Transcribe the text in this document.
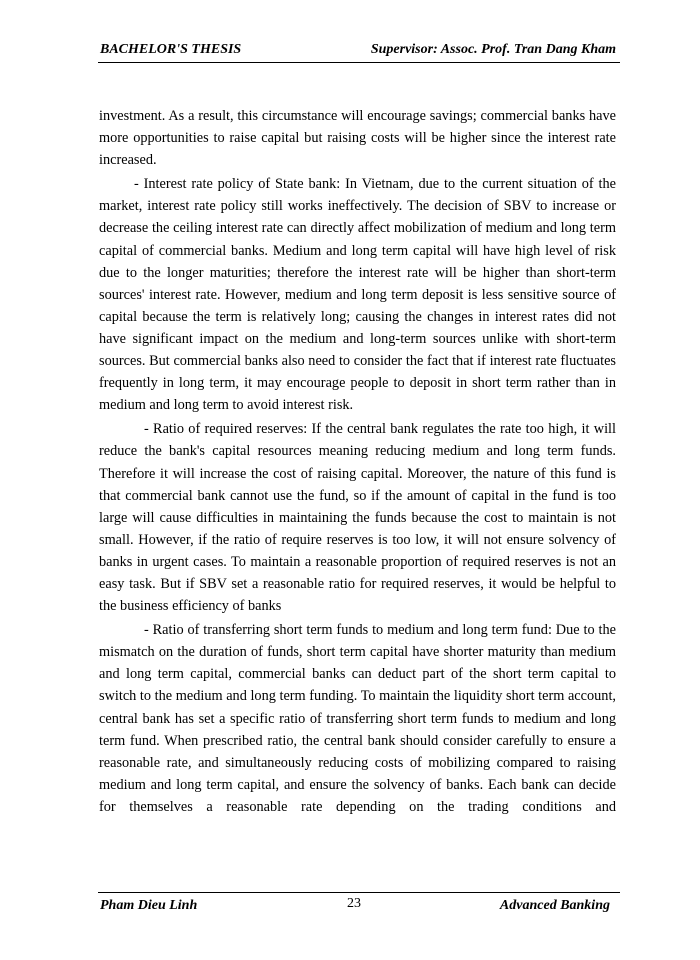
BACHELOR'S THESIS	Supervisor: Assoc. Prof. Tran Dang Kham

investment. As a result, this circumstance will encourage savings; commercial banks have more opportunities to raise capital but raising costs will be higher since the interest rate increased.

- Interest rate policy of State bank: In Vietnam, due to the current situation of the market, interest rate policy still works ineffectively. The decision of SBV to increase or decrease the ceiling interest rate can directly affect mobilization of medium and long term capital of commercial banks. Medium and long term capital will have high level of risk due to the longer maturities; therefore the interest rate will be higher than short-term sources' interest rate. However, medium and long term deposit is less sensitive source of capital because the term is relatively long; causing the changes in interest rates did not have significant impact on the medium and long-term sources unlike with short-term sources. But commercial banks also need to consider the fact that if interest rate fluctuates frequently in long term, it may encourage people to deposit in short term rather than in medium and long term to avoid interest risk.

- Ratio of required reserves: If the central bank regulates the rate too high, it will reduce the bank's capital resources meaning reducing medium and long term funds. Therefore it will increase the cost of raising capital. Moreover, the nature of this fund is that commercial bank cannot use the fund, so if the amount of capital in the fund is too large will cause difficulties in maintaining the funds because the cost to maintain is not small. However, if the ratio of require reserves is too low, it will not ensure solvency of banks in urgent cases. To maintain a reasonable proportion of required reserves is not an easy task. But if SBV set a reasonable ratio for required reserves, it would be helpful to the business efficiency of banks

- Ratio of transferring short term funds to medium and long term fund: Due to the mismatch on the duration of funds, short term capital have shorter maturity than medium and long term capital, commercial banks can deduct part of the short term capital to switch to the medium and long term funding. To maintain the liquidity short term account, central bank has set a specific ratio of transferring short term funds to medium and long term fund. When prescribed ratio, the central bank should consider carefully to ensure a reasonable rate, and simultaneously reducing costs of mobilizing compared to raising medium and long term capital, and ensure the solvency of banks. Each bank can decide for themselves a reasonable rate depending on the trading conditions and

Pham Dieu Linh	23	Advanced Banking
